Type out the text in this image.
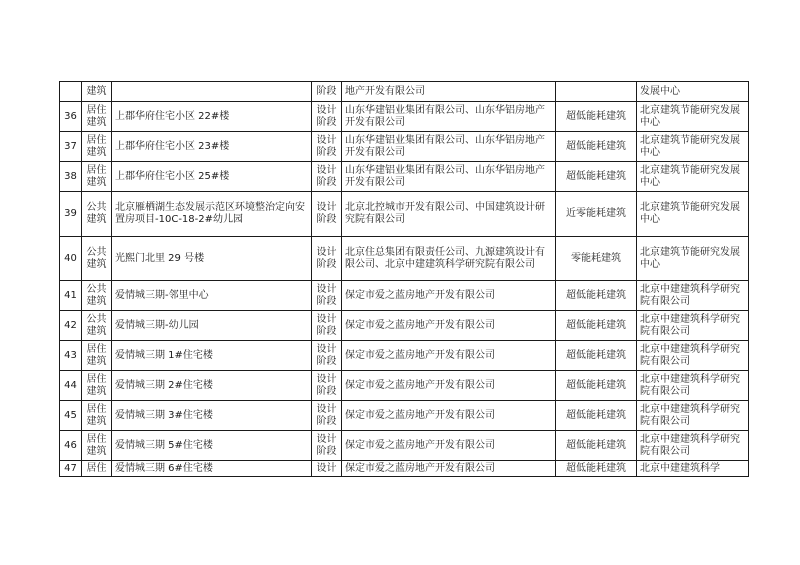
	建筑		阶段	地产开发有限公司		发展中心
36	居住建筑	上郡华府住宅小区 22#楼	设计阶段	山东华建铝业集团有限公司、山东华铝房地产开发有限公司	超低能耗建筑	北京建筑节能研究发展中心
37	居住建筑	上郡华府住宅小区 23#楼	设计阶段	山东华建铝业集团有限公司、山东华铝房地产开发有限公司	超低能耗建筑	北京建筑节能研究发展中心
38	居住建筑	上郡华府住宅小区 25#楼	设计阶段	山东华建铝业集团有限公司、山东华铝房地产开发有限公司	超低能耗建筑	北京建筑节能研究发展中心
39	公共建筑	北京雁栖湖生态发展示范区环境整治定向安置房项目-10C-18-2#幼儿园	设计阶段	北京北控城市开发有限公司、中国建筑设计研究院有限公司	近零能耗建筑	北京建筑节能研究发展中心
40	公共建筑	光熙门北里 29 号楼	设计阶段	北京住总集团有限责任公司、九源建筑设计有限公司、北京中建建筑科学研究院有限公司	零能耗建筑	北京建筑节能研究发展中心
41	公共建筑	爱情城三期-邻里中心	设计阶段	保定市爱之蓝房地产开发有限公司	超低能耗建筑	北京中建建筑科学研究院有限公司
42	公共建筑	爱情城三期-幼儿园	设计阶段	保定市爱之蓝房地产开发有限公司	超低能耗建筑	北京中建建筑科学研究院有限公司
43	居住建筑	爱情城三期 1#住宅楼	设计阶段	保定市爱之蓝房地产开发有限公司	超低能耗建筑	北京中建建筑科学研究院有限公司
44	居住建筑	爱情城三期 2#住宅楼	设计阶段	保定市爱之蓝房地产开发有限公司	超低能耗建筑	北京中建建筑科学研究院有限公司
45	居住建筑	爱情城三期 3#住宅楼	设计阶段	保定市爱之蓝房地产开发有限公司	超低能耗建筑	北京中建建筑科学研究院有限公司
46	居住建筑	爱情城三期 5#住宅楼	设计阶段	保定市爱之蓝房地产开发有限公司	超低能耗建筑	北京中建建筑科学研究院有限公司
47	居住	爱情城三期 6#住宅楼	设计	保定市爱之蓝房地产开发有限公司	超低能耗建筑	北京中建建筑科学
